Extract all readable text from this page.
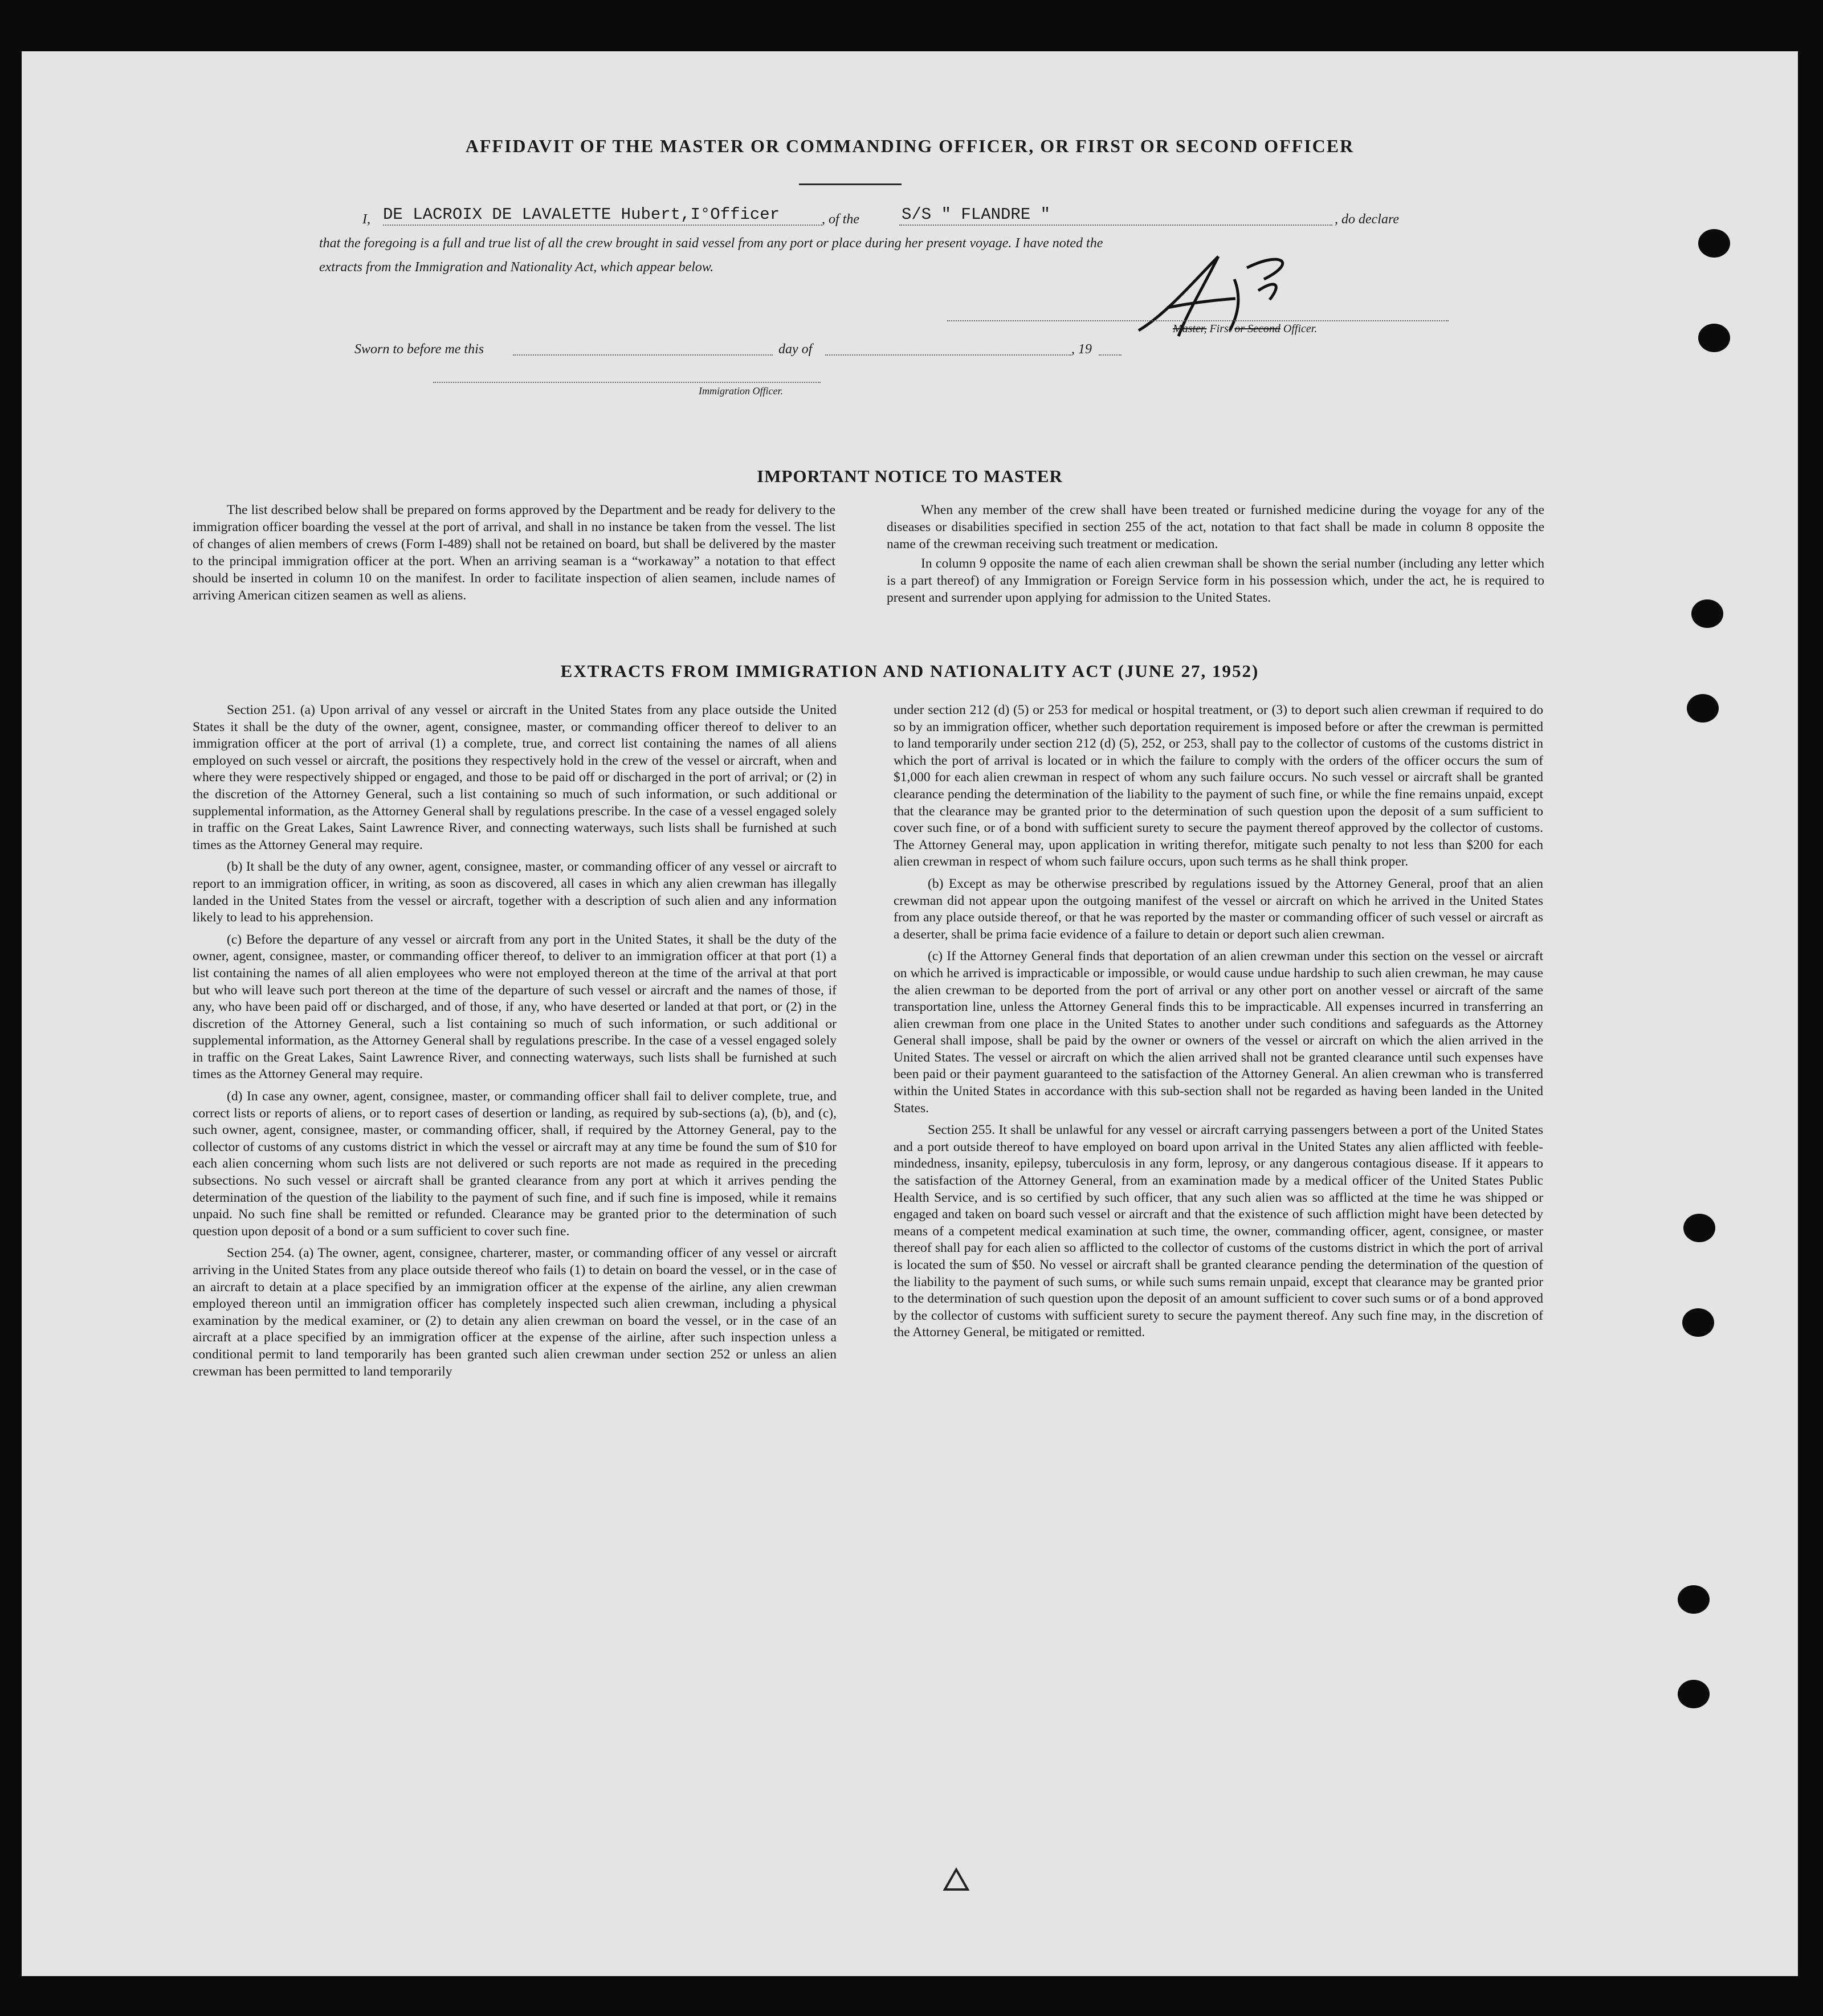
AFFIDAVIT OF THE MASTER OR COMMANDING OFFICER, OR FIRST OR SECOND OFFICER
I, DE LACROIX DE LAVALETTE Hubert,I°Officer	, of the	S/S " FLANDRE "	, do declare
that the foregoing is a full and true list of all the crew brought in said vessel from any port or place during her present voyage. I have noted the
extracts from the Immigration and Nationality Act, which appear below.
Master, First or Second Officer.
Sworn to before me this	day of	, 19
Immigration Officer.
IMPORTANT NOTICE TO MASTER

The list described below shall be prepared on forms approved by the Department and be ready for delivery to the immigration officer boarding the vessel at the port of arrival, and shall in no instance be taken from the vessel. The list of changes of alien members of crews (Form I-489) shall not be retained on board, but shall be delivered by the master to the principal immigration officer at the port. When an arriving seaman is a “workaway” a notation to that effect should be inserted in column 10 on the manifest. In order to facilitate inspection of alien seamen, include names of arriving American citizen seamen as well as aliens.

When any member of the crew shall have been treated or furnished medicine during the voyage for any of the diseases or disabilities specified in section 255 of the act, notation to that fact shall be made in column 8 opposite the name of the crewman receiving such treatment or medication.

In column 9 opposite the name of each alien crewman shall be shown the serial number (including any letter which is a part thereof) of any Immigration or Foreign Service form in his possession which, under the act, he is required to present and surrender upon applying for admission to the United States.

EXTRACTS FROM IMMIGRATION AND NATIONALITY ACT (JUNE 27, 1952)

Section 251. (a) Upon arrival of any vessel or aircraft in the United States from any place outside the United States it shall be the duty of the owner, agent, consignee, master, or commanding officer thereof to deliver to an immigration officer at the port of arrival (1) a complete, true, and correct list containing the names of all aliens employed on such vessel or aircraft, the positions they respectively hold in the crew of the vessel or aircraft, when and where they were respectively shipped or engaged, and those to be paid off or discharged in the port of arrival; or (2) in the discretion of the Attorney General, such a list containing so much of such information, or such additional or supplemental information, as the Attorney General shall by regulations prescribe. In the case of a vessel engaged solely in traffic on the Great Lakes, Saint Lawrence River, and connecting waterways, such lists shall be furnished at such times as the Attorney General may require.

(b) It shall be the duty of any owner, agent, consignee, master, or commanding officer of any vessel or aircraft to report to an immigration officer, in writing, as soon as discovered, all cases in which any alien crewman has illegally landed in the United States from the vessel or aircraft, together with a description of such alien and any information likely to lead to his apprehension.

(c) Before the departure of any vessel or aircraft from any port in the United States, it shall be the duty of the owner, agent, consignee, master, or commanding officer thereof, to deliver to an immigration officer at that port (1) a list containing the names of all alien employees who were not employed thereon at the time of the arrival at that port but who will leave such port thereon at the time of the departure of such vessel or aircraft and the names of those, if any, who have been paid off or discharged, and of those, if any, who have deserted or landed at that port, or (2) in the discretion of the Attorney General, such a list containing so much of such information, or such additional or supplemental information, as the Attorney General shall by regulations prescribe. In the case of a vessel engaged solely in traffic on the Great Lakes, Saint Lawrence River, and connecting waterways, such lists shall be furnished at such times as the Attorney General may require.

(d) In case any owner, agent, consignee, master, or commanding officer shall fail to deliver complete, true, and correct lists or reports of aliens, or to report cases of desertion or landing, as required by sub-sections (a), (b), and (c), such owner, agent, consignee, master, or commanding officer, shall, if required by the Attorney General, pay to the collector of customs of any customs district in which the vessel or aircraft may at any time be found the sum of $10 for each alien concerning whom such lists are not delivered or such reports are not made as required in the preceding subsections. No such vessel or aircraft shall be granted clearance from any port at which it arrives pending the determination of the question of the liability to the payment of such fine, and if such fine is imposed, while it remains unpaid. No such fine shall be remitted or refunded. Clearance may be granted prior to the determination of such question upon deposit of a bond or a sum sufficient to cover such fine.

Section 254. (a) The owner, agent, consignee, charterer, master, or commanding officer of any vessel or aircraft arriving in the United States from any place outside thereof who fails (1) to detain on board the vessel, or in the case of an aircraft to detain at a place specified by an immigration officer at the expense of the airline, any alien crewman employed thereon until an immigration officer has completely inspected such alien crewman, including a physical examination by the medical examiner, or (2) to detain any alien crewman on board the vessel, or in the case of an aircraft at a place specified by an immigration officer at the expense of the airline, after such inspection unless a conditional permit to land temporarily has been granted such alien crewman under section 252 or unless an alien crewman has been permitted to land temporarily

under section 212 (d) (5) or 253 for medical or hospital treatment, or (3) to deport such alien crewman if required to do so by an immigration officer, whether such deportation requirement is imposed before or after the crewman is permitted to land temporarily under section 212 (d) (5), 252, or 253, shall pay to the collector of customs of the customs district in which the port of arrival is located or in which the failure to comply with the orders of the officer occurs the sum of $1,000 for each alien crewman in respect of whom any such failure occurs. No such vessel or aircraft shall be granted clearance pending the determination of the liability to the payment of such fine, or while the fine remains unpaid, except that the clearance may be granted prior to the determination of such question upon the deposit of a sum sufficient to cover such fine, or of a bond with sufficient surety to secure the payment thereof approved by the collector of customs. The Attorney General may, upon application in writing therefor, mitigate such penalty to not less than $200 for each alien crewman in respect of whom such failure occurs, upon such terms as he shall think proper.

(b) Except as may be otherwise prescribed by regulations issued by the Attorney General, proof that an alien crewman did not appear upon the outgoing manifest of the vessel or aircraft on which he arrived in the United States from any place outside thereof, or that he was reported by the master or commanding officer of such vessel or aircraft as a deserter, shall be prima facie evidence of a failure to detain or deport such alien crewman.

(c) If the Attorney General finds that deportation of an alien crewman under this section on the vessel or aircraft on which he arrived is impracticable or impossible, or would cause undue hardship to such alien crewman, he may cause the alien crewman to be deported from the port of arrival or any other port on another vessel or aircraft of the same transportation line, unless the Attorney General finds this to be impracticable. All expenses incurred in transferring an alien crewman from one place in the United States to another under such conditions and safeguards as the Attorney General shall impose, shall be paid by the owner or owners of the vessel or aircraft on which the alien arrived in the United States. The vessel or aircraft on which the alien arrived shall not be granted clearance until such expenses have been paid or their payment guaranteed to the satisfaction of the Attorney General. An alien crewman who is transferred within the United States in accordance with this sub-section shall not be regarded as having been landed in the United States.

Section 255. It shall be unlawful for any vessel or aircraft carrying passengers between a port of the United States and a port outside thereof to have employed on board upon arrival in the United States any alien afflicted with feeble-mindedness, insanity, epilepsy, tuberculosis in any form, leprosy, or any dangerous contagious disease. If it appears to the satisfaction of the Attorney General, from an examination made by a medical officer of the United States Public Health Service, and is so certified by such officer, that any such alien was so afflicted at the time he was shipped or engaged and taken on board such vessel or aircraft and that the existence of such affliction might have been detected by means of a competent medical examination at such time, the owner, commanding officer, agent, consignee, or master thereof shall pay for each alien so afflicted to the collector of customs of the customs district in which the port of arrival is located the sum of $50. No vessel or aircraft shall be granted clearance pending the determination of the question of the liability to the payment of such sums, or while such sums remain unpaid, except that clearance may be granted prior to the determination of such question upon the deposit of an amount sufficient to cover such sums or of a bond approved by the collector of customs with sufficient surety to secure the payment thereof. Any such fine may, in the discretion of the Attorney General, be mitigated or remitted.
